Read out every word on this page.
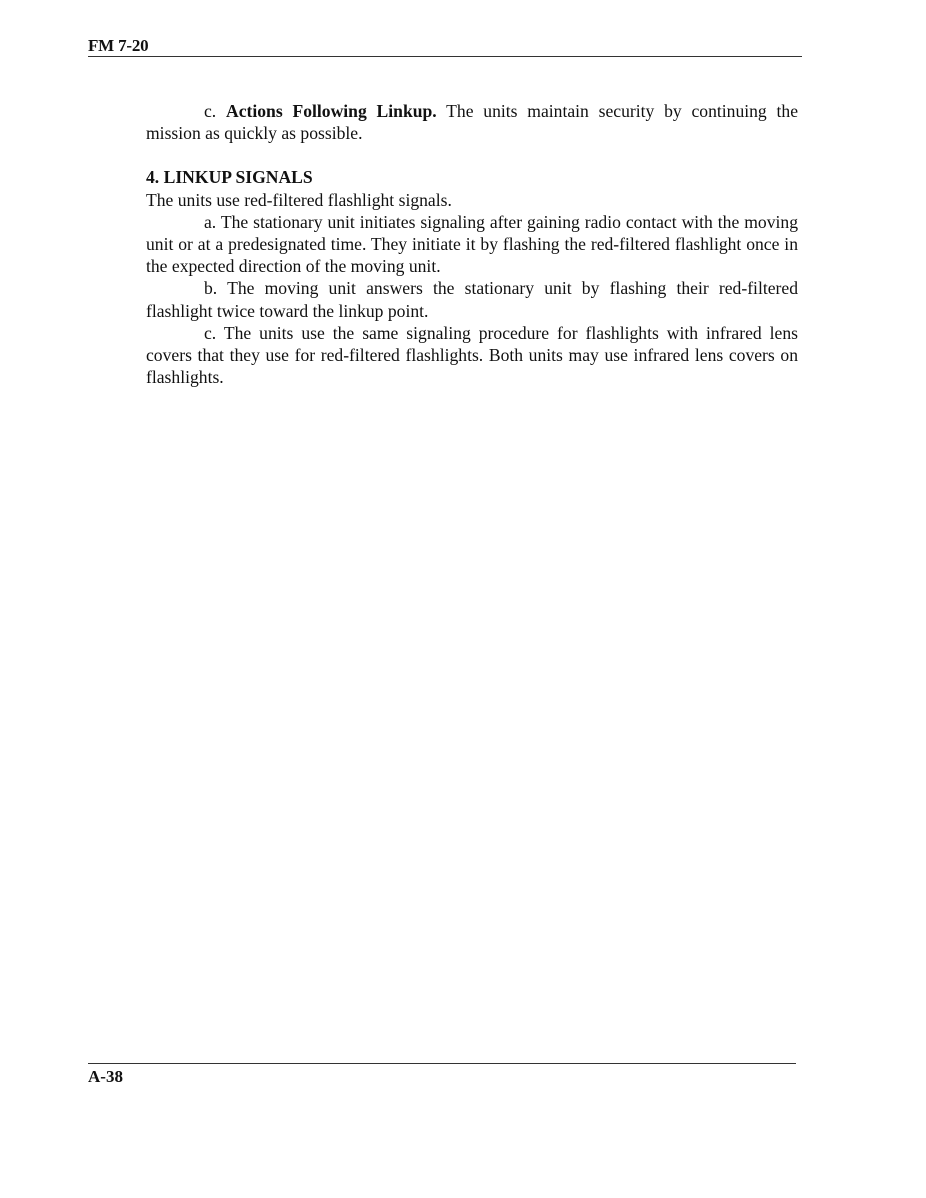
FM 7-20

c. Actions Following Linkup. The units maintain security by continuing the mission as quickly as possible.

4. LINKUP SIGNALS

The units use red-filtered flashlight signals.

a. The stationary unit initiates signaling after gaining radio contact with the moving unit or at a predesignated time. They initiate it by flashing the red-filtered flashlight once in the expected direction of the moving unit.

b. The moving unit answers the stationary unit by flashing their red-filtered flashlight twice toward the linkup point.

c. The units use the same signaling procedure for flashlights with infrared lens covers that they use for red-filtered flashlights. Both units may use infrared lens covers on flashlights.

A-38
